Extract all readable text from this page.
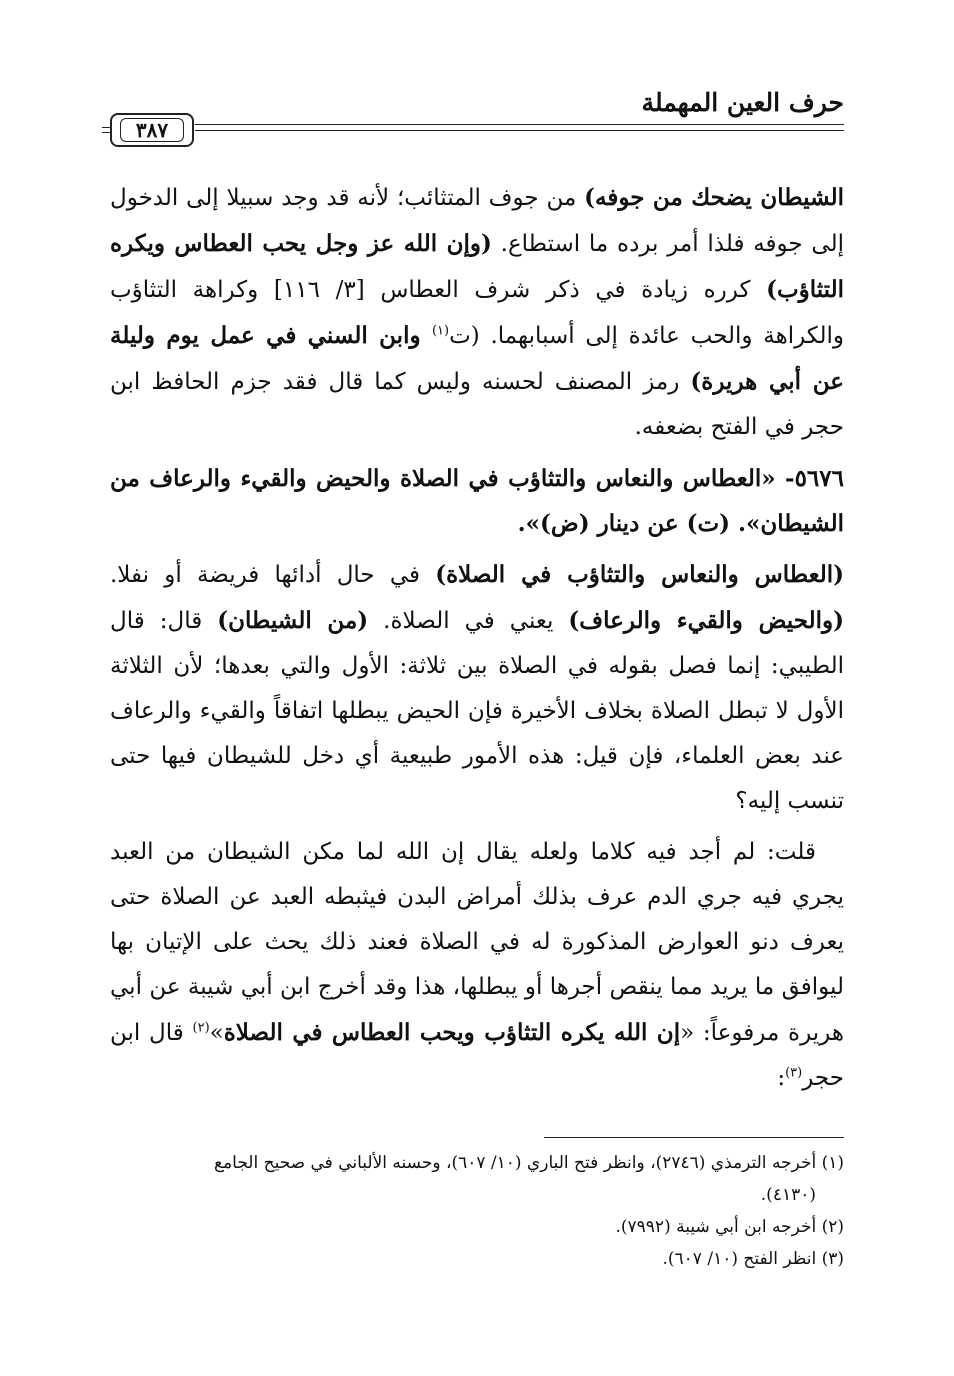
حرف العين المهملة
٣٨٧

الشيطان يضحك من جوفه) من جوف المتثائب؛ لأنه قد وجد سبيلا إلى الدخول إلى جوفه فلذا أمر برده ما استطاع. (وإن الله عز وجل يحب العطاس ويكره التثاؤب) كرره زيادة في ذكر شرف العطاس [٣/ ١١٦] وكراهة التثاؤب والكراهة والحب عائدة إلى أسبابهما. (ت$^{(١)}$ وابن السني في عمل يوم وليلة عن أبي هريرة) رمز المصنف لحسنه وليس كما قال فقد جزم الحافظ ابن حجر في الفتح بضعفه.

٥٦٧٦- «العطاس والنعاس والتثاؤب في الصلاة والحيض والقيء والرعاف من الشيطان». (ت) عن دينار (ض)».

(العطاس والنعاس والتثاؤب في الصلاة) في حال أدائها فريضة أو نفلا. (والحيض والقيء والرعاف) يعني في الصلاة. (من الشيطان) قال: قال الطيبي: إنما فصل بقوله في الصلاة بين ثلاثة: الأول والتي بعدها؛ لأن الثلاثة الأول لا تبطل الصلاة بخلاف الأخيرة فإن الحيض يبطلها اتفاقاً والقيء والرعاف عند بعض العلماء، فإن قيل: هذه الأمور طبيعية أي دخل للشيطان فيها حتى تنسب إليه؟

قلت: لم أجد فيه كلاما ولعله يقال إن الله لما مكن الشيطان من العبد يجري فيه جري الدم عرف بذلك أمراض البدن فيثبطه العبد عن الصلاة حتى يعرف دنو العوارض المذكورة له في الصلاة فعند ذلك يحث على الإتيان بها ليوافق ما يريد مما ينقص أجرها أو يبطلها، هذا وقد أخرج ابن أبي شيبة عن أبي هريرة مرفوعاً: «إن الله يكره التثاؤب ويحب العطاس في الصلاة»$^{(٢)}$ قال ابن حجر$^{(٣)}$:

(١) أخرجه الترمذي (٢٧٤٦)، وانظر فتح الباري (١٠/ ٦٠٧)، وحسنه الألباني في صحيح الجامع

(٤١٣٠).

(٢) أخرجه ابن أبي شيبة (٧٩٩٢).

(٣) انظر الفتح (١٠/ ٦٠٧).
